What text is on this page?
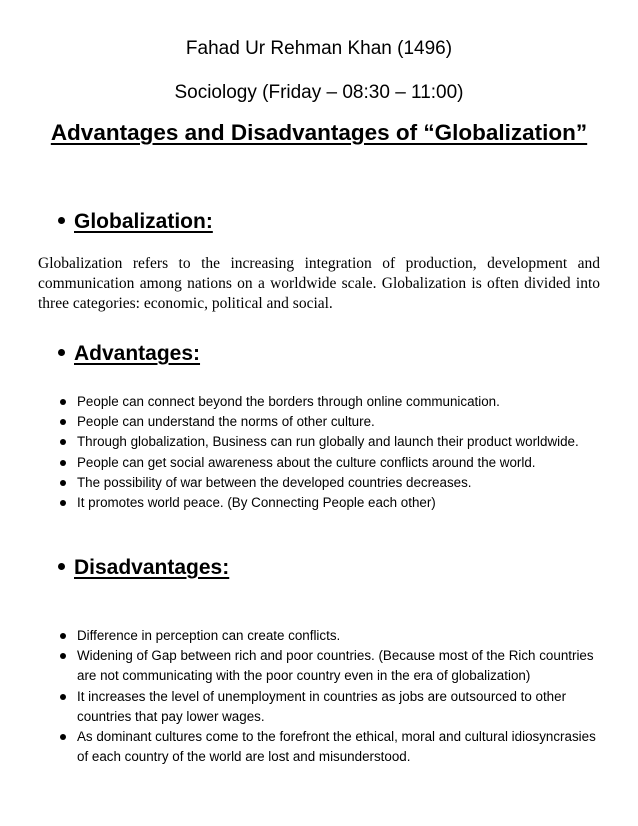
Fahad Ur Rehman Khan (1496)
Sociology (Friday – 08:30 – 11:00)
Advantages and Disadvantages of “Globalization”
Globalization:
Globalization refers to the increasing integration of production, development and communication among nations on a worldwide scale. Globalization is often divided into three categories: economic, political and social.
Advantages:
People can connect beyond the borders through online communication.
People can understand the norms of other culture.
Through globalization, Business can run globally and launch their product worldwide.
People can get social awareness about the culture conflicts around the world.
The possibility of war between the developed countries decreases.
It promotes world peace. (By Connecting People each other)
Disadvantages:
Difference in perception can create conflicts.
Widening of Gap between rich and poor countries. (Because most of the Rich countries are not communicating with the poor country even in the era of globalization)
It increases the level of unemployment in countries as jobs are outsourced to other countries that pay lower wages.
As dominant cultures come to the forefront the ethical, moral and cultural idiosyncrasies of each country of the world are lost and misunderstood.
